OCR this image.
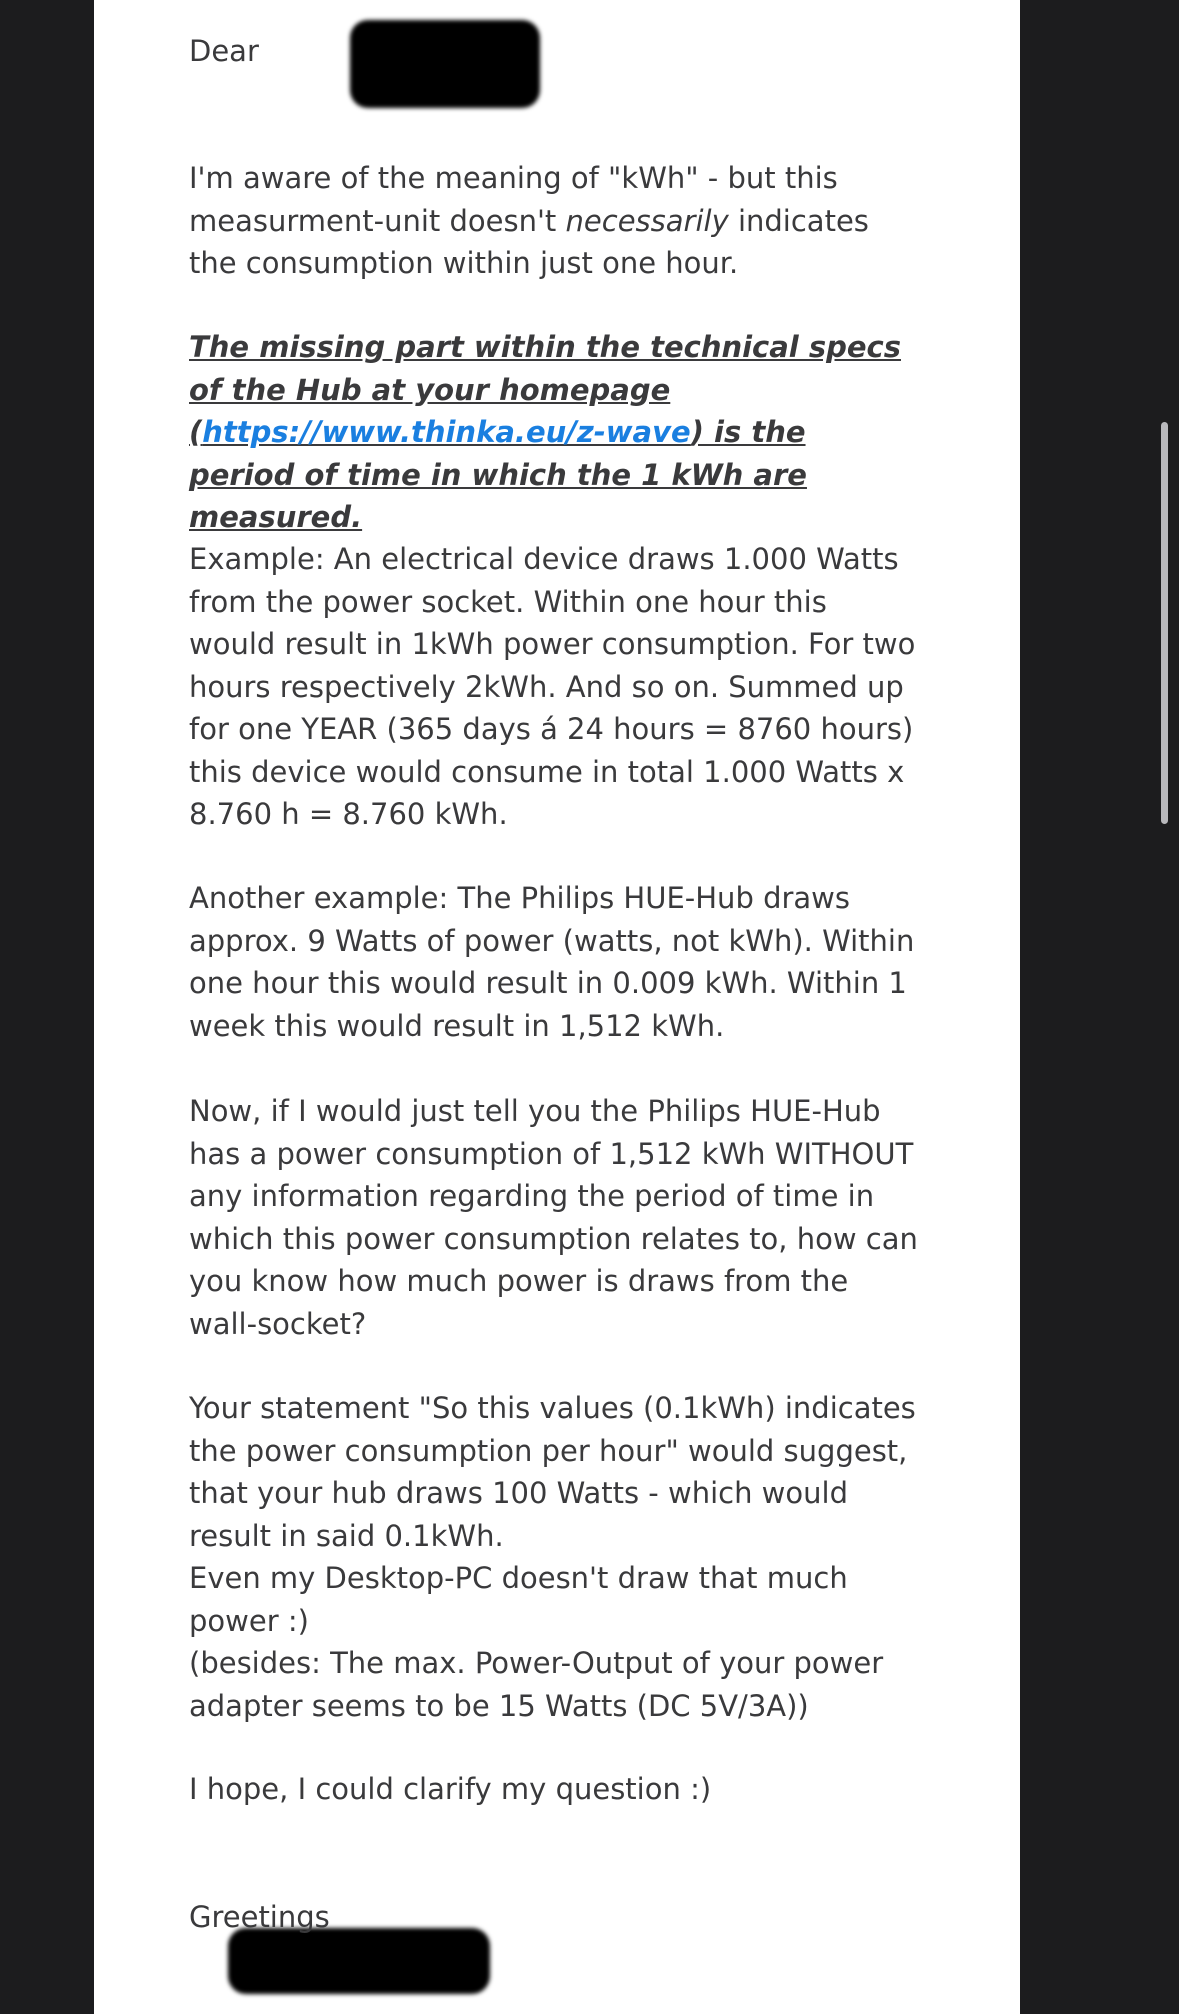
Dear

I'm aware of the meaning of "kWh" - but this measurment-unit doesn't necessarily indicates the consumption within just one hour.

The missing part within the technical specs of the Hub at your homepage (https://www.thinka.eu/z-wave) is the period of time in which the 1 kWh are measured.

Example: An electrical device draws 1.000 Watts from the power socket. Within one hour this would result in 1kWh power consumption. For two hours respectively 2kWh. And so on. Summed up for one YEAR (365 days á 24 hours = 8760 hours) this device would consume in total 1.000 Watts x 8.760 h = 8.760 kWh.

Another example: The Philips HUE-Hub draws approx. 9 Watts of power (watts, not kWh). Within one hour this would result in 0.009 kWh. Within 1 week this would result in 1,512 kWh.

Now, if I would just tell you the Philips HUE-Hub has a power consumption of 1,512 kWh WITHOUT any information regarding the period of time in which this power consumption relates to, how can you know how much power is draws from the wall-socket?

Your statement "So this values (0.1kWh) indicates the power consumption per hour" would suggest, that your hub draws 100 Watts - which would result in said 0.1kWh.

Even my Desktop-PC doesn't draw that much power :)

(besides: The max. Power-Output of your power adapter seems to be 15 Watts (DC 5V/3A))

I hope, I could clarify my question :)

Greetings
